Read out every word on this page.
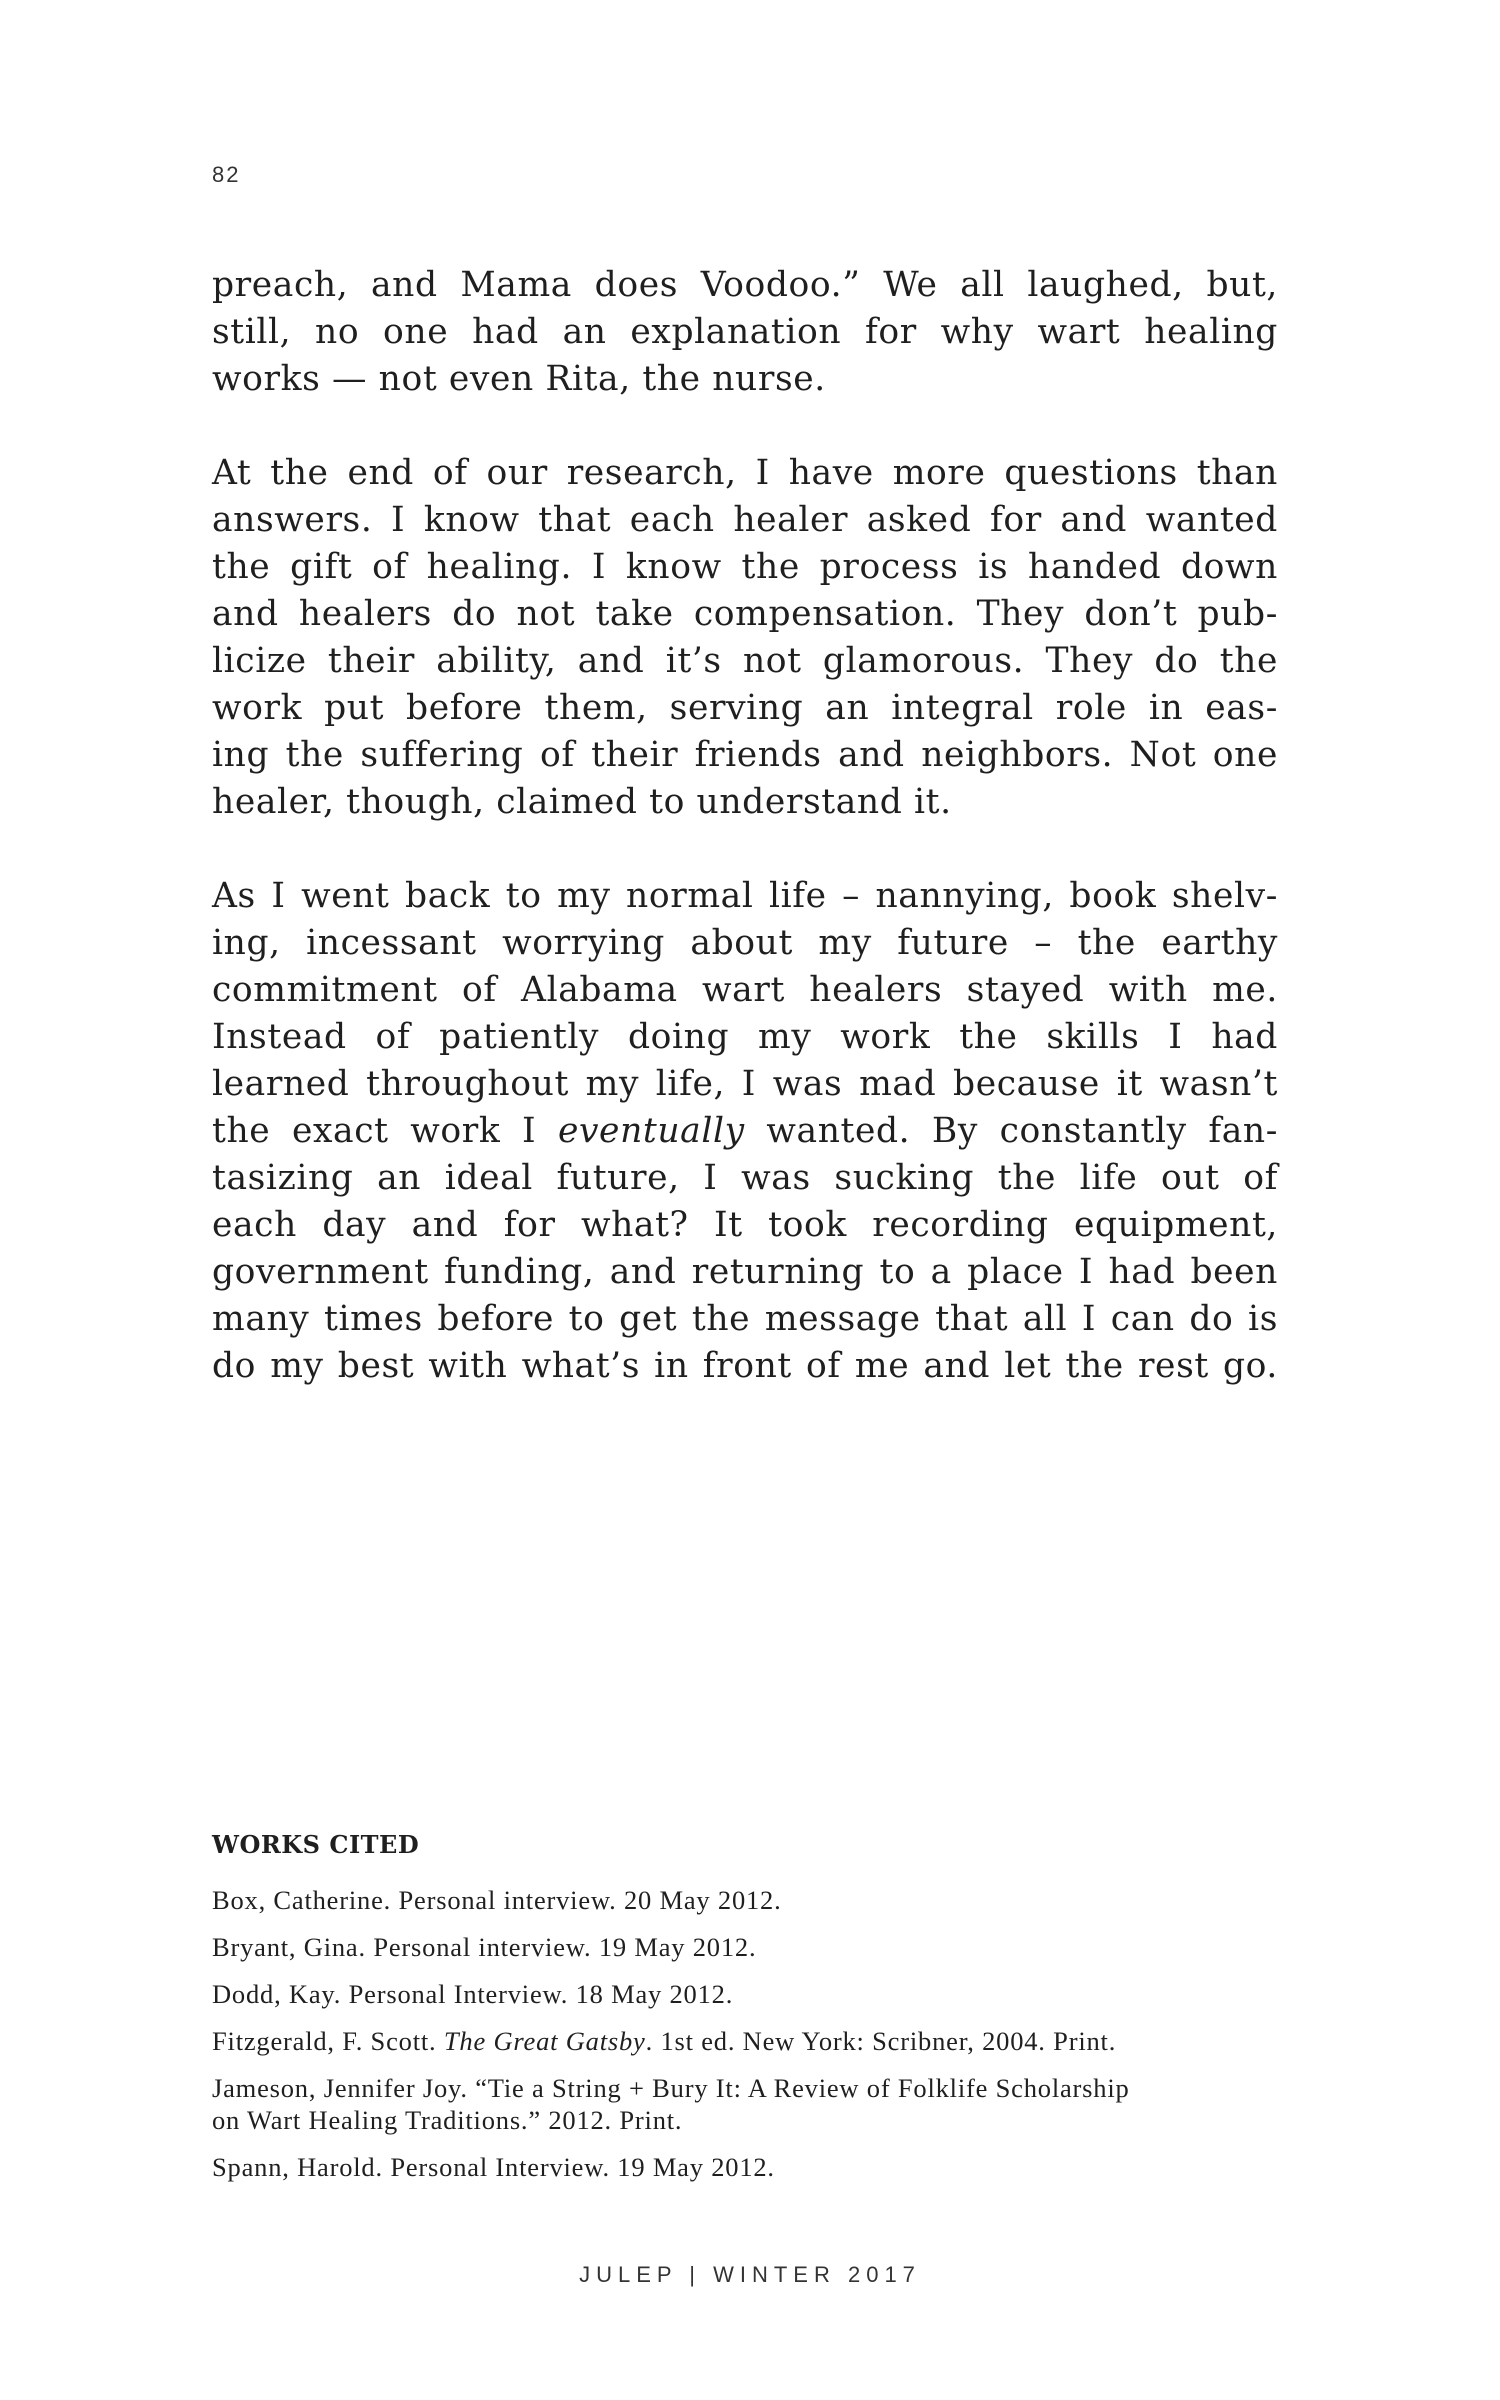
82

preach, and Mama does Voodoo.” We all laughed, but,
still, no one had an explanation for why wart healing
works — not even Rita, the nurse.

At the end of our research, I have more questions than
answers. I know that each healer asked for and wanted
the gift of healing. I know the process is handed down
and healers do not take compensation. They don’t pub-
licize their ability, and it’s not glamorous. They do the
work put before them, serving an integral role in eas-
ing the suffering of their friends and neighbors. Not one
healer, though, claimed to understand it.

As I went back to my normal life – nannying, book shelv-
ing, incessant worrying about my future – the earthy
commitment of Alabama wart healers stayed with me.
Instead of patiently doing my work the skills I had
learned throughout my life, I was mad because it wasn’t
the exact work I eventually wanted. By constantly fan-
tasizing an ideal future, I was sucking the life out of
each day and for what? It took recording equipment,
government funding, and returning to a place I had been
many times before to get the message that all I can do is
do my best with what’s in front of me and let the rest go.

WORKS CITED
Box, Catherine. Personal interview. 20 May 2012.
Bryant, Gina. Personal interview. 19 May 2012.
Dodd, Kay. Personal Interview. 18 May 2012.
Fitzgerald, F. Scott. The Great Gatsby. 1st ed. New York: Scribner, 2004. Print.
Jameson, Jennifer Joy. “Tie a String + Bury It: A Review of Folklife Scholarship
on Wart Healing Traditions.” 2012. Print.
Spann, Harold. Personal Interview. 19 May 2012.
JULEP | WINTER 2017
